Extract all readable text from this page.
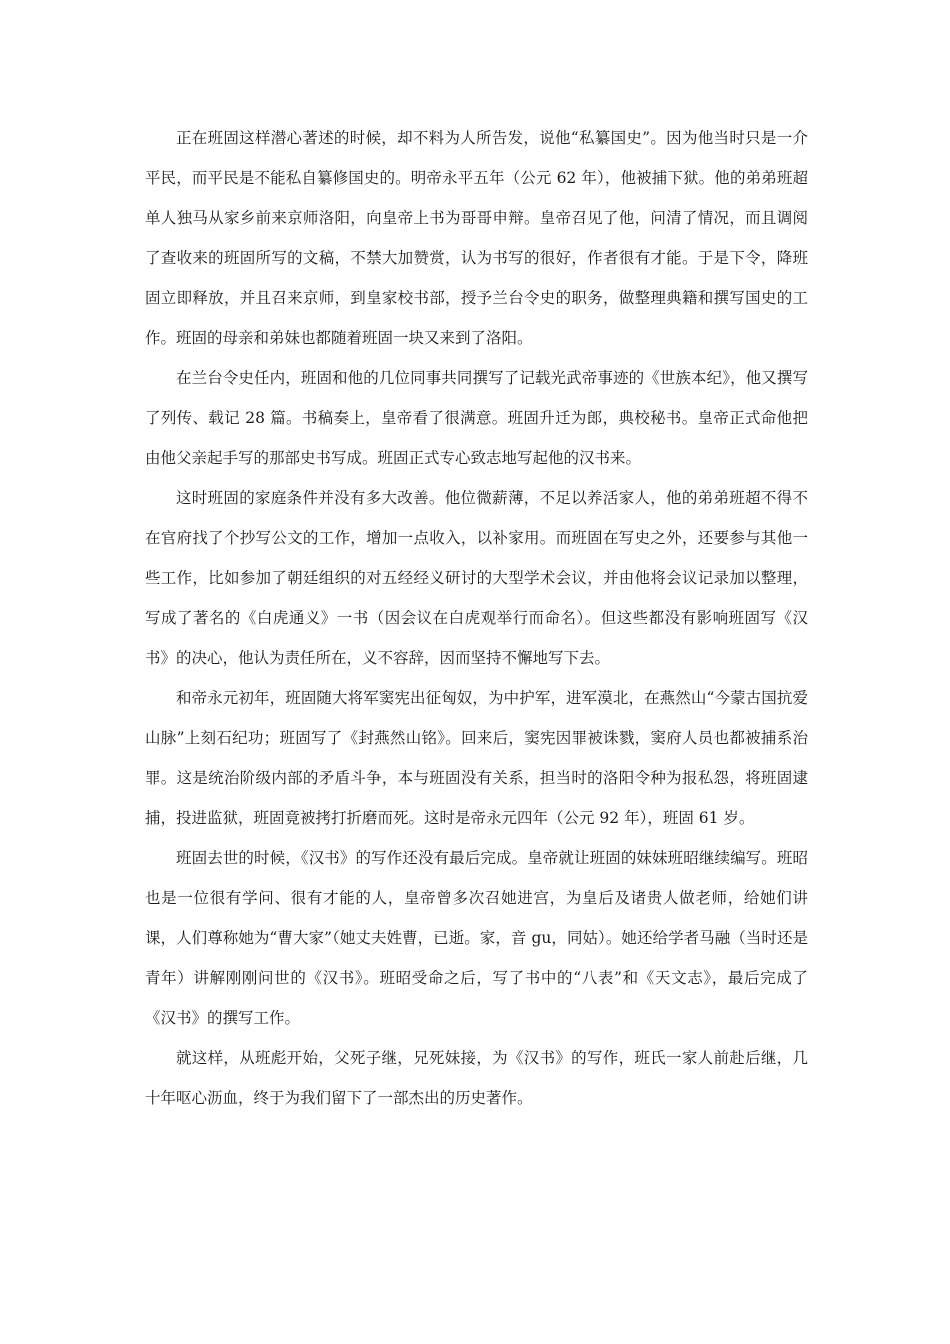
正在班固这样潜心著述的时候，却不料为人所告发，说他“私纂国史”。因为他当时只是一介平民，而平民是不能私自纂修国史的。明帝永平五年（公元 62 年），他被捕下狱。他的弟弟班超单人独马从家乡前来京师洛阳，向皇帝上书为哥哥申辩。皇帝召见了他，问清了情况，而且调阅了查收来的班固所写的文稿，不禁大加赞赏，认为书写的很好，作者很有才能。于是下令，降班固立即释放，并且召来京师，到皇家校书部，授予兰台令史的职务，做整理典籍和撰写国史的工作。班固的母亲和弟妹也都随着班固一块又来到了洛阳。

在兰台令史任内，班固和他的几位同事共同撰写了记载光武帝事迹的《世族本纪》，他又撰写了列传、载记 28 篇。书稿奏上，皇帝看了很满意。班固升迁为郎，典校秘书。皇帝正式命他把由他父亲起手写的那部史书写成。班固正式专心致志地写起他的汉书来。

这时班固的家庭条件并没有多大改善。他位微薪薄，不足以养活家人，他的弟弟班超不得不在官府找了个抄写公文的工作，增加一点收入，以补家用。而班固在写史之外，还要参与其他一些工作，比如参加了朝廷组织的对五经经义研讨的大型学术会议，并由他将会议记录加以整理，写成了著名的《白虎通义》一书（因会议在白虎观举行而命名）。但这些都没有影响班固写《汉书》的决心，他认为责任所在，义不容辞，因而坚持不懈地写下去。

和帝永元初年，班固随大将军窦宪出征匈奴，为中护军，进军漠北，在燕然山“今蒙古国抗爱山脉”上刻石纪功；班固写了《封燕然山铭》。回来后，窦宪因罪被诛戮，窦府人员也都被捕系治罪。这是统治阶级内部的矛盾斗争，本与班固没有关系，担当时的洛阳令种为报私怨，将班固逮捕，投进监狱，班固竟被拷打折磨而死。这时是帝永元四年（公元 92 年），班固 61 岁。

班固去世的时候，《汉书》的写作还没有最后完成。皇帝就让班固的妹妹班昭继续编写。班昭也是一位很有学问、很有才能的人，皇帝曾多次召她进宫，为皇后及诸贵人做老师，给她们讲课，人们尊称她为“曹大家”（她丈夫姓曹，已逝。家，音 gu，同姑）。她还给学者马融（当时还是青年）讲解刚刚问世的《汉书》。班昭受命之后，写了书中的“八表”和《天文志》，最后完成了《汉书》的撰写工作。

就这样，从班彪开始，父死子继，兄死妹接，为《汉书》的写作，班氏一家人前赴后继，几十年呕心沥血，终于为我们留下了一部杰出的历史著作。
